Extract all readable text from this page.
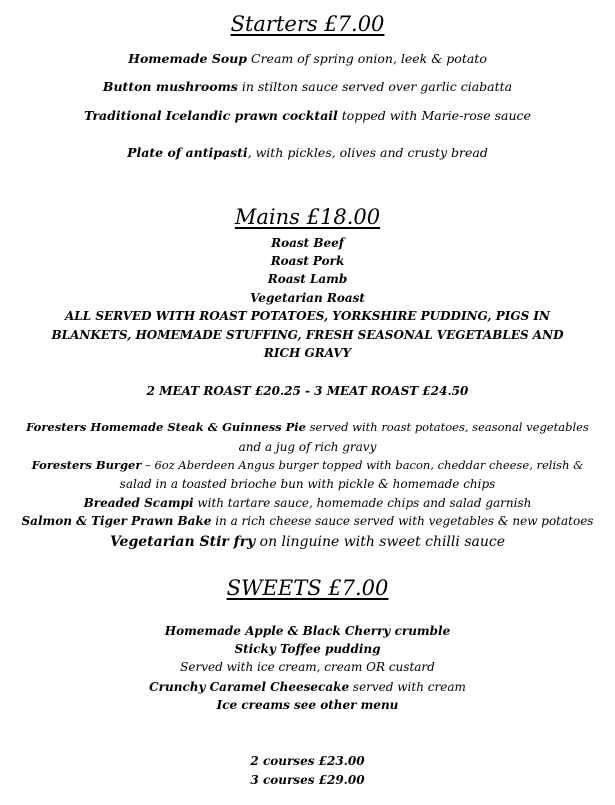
Starters £7.00
Homemade Soup Cream of spring onion, leek & potato
Button mushrooms in stilton sauce served over garlic ciabatta
Traditional Icelandic prawn cocktail topped with Marie-rose sauce
Plate of antipasti, with pickles, olives and crusty bread
Mains £18.00
Roast Beef
Roast Pork
Roast Lamb
Vegetarian Roast
ALL SERVED WITH ROAST POTATOES, YORKSHIRE PUDDING, PIGS IN
BLANKETS, HOMEMADE STUFFING, FRESH SEASONAL VEGETABLES AND
RICH GRAVY
2 MEAT ROAST £20.25 - 3 MEAT ROAST £24.50
Foresters Homemade Steak & Guinness Pie served with roast potatoes, seasonal vegetables
and a jug of rich gravy
Foresters Burger – 6oz Aberdeen Angus burger topped with bacon, cheddar cheese, relish &
salad in a toasted brioche bun with pickle & homemade chips
Breaded Scampi with tartare sauce, homemade chips and salad garnish
Salmon & Tiger Prawn Bake in a rich cheese sauce served with vegetables & new potatoes
Vegetarian Stir fry on linguine with sweet chilli sauce
SWEETS £7.00
Homemade Apple & Black Cherry crumble
Sticky Toffee pudding
Served with ice cream, cream OR custard
Crunchy Caramel Cheesecake served with cream
Ice creams see other menu
2 courses £23.00
3 courses £29.00
